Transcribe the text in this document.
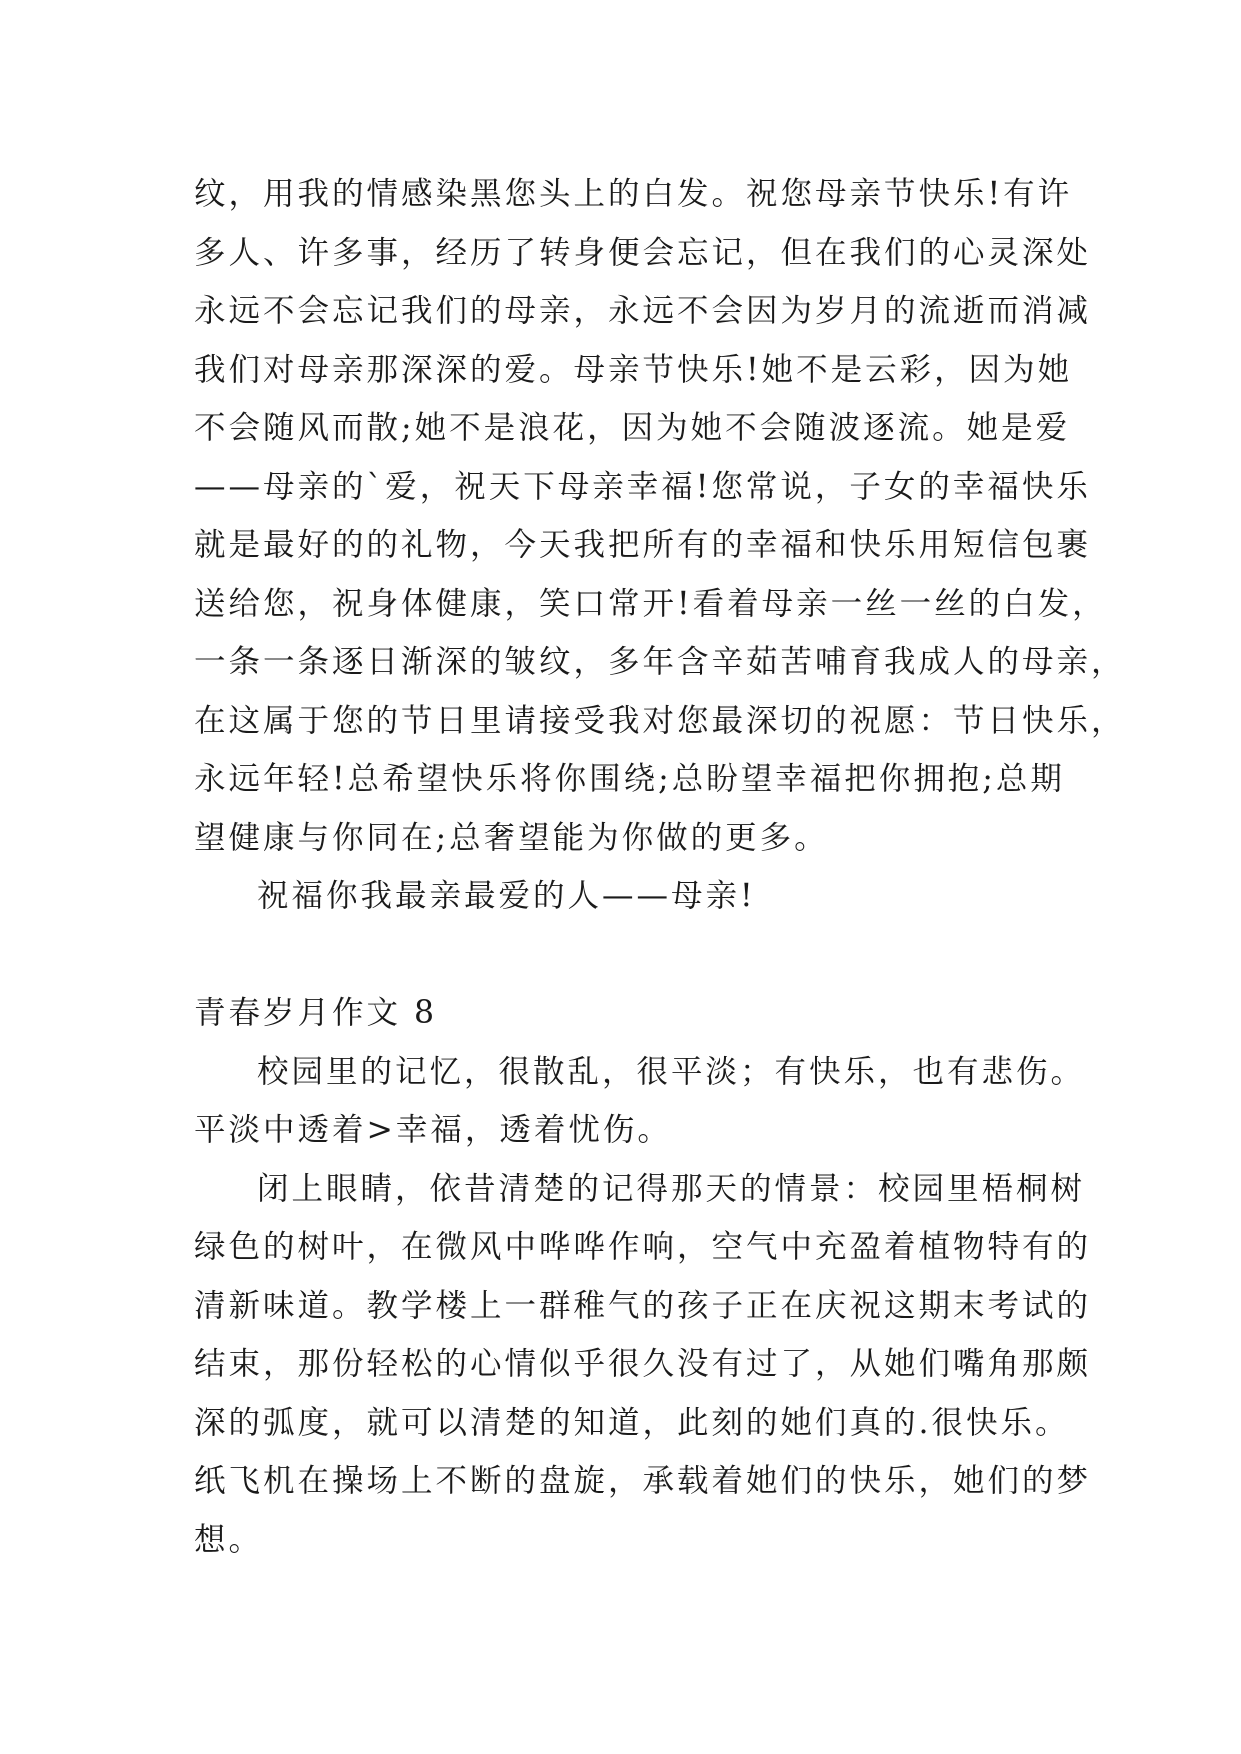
纹，用我的情感染黑您头上的白发。祝您母亲节快乐!有许
多人、许多事，经历了转身便会忘记，但在我们的心灵深处
永远不会忘记我们的母亲，永远不会因为岁月的流逝而消减
我们对母亲那深深的爱。母亲节快乐!她不是云彩，因为她
不会随风而散;她不是浪花，因为她不会随波逐流。她是爱
——母亲的`爱，祝天下母亲幸福!您常说，子女的幸福快乐
就是最好的的礼物，今天我把所有的幸福和快乐用短信包裹
送给您，祝身体健康，笑口常开!看着母亲一丝一丝的白发，
一条一条逐日渐深的皱纹，多年含辛茹苦哺育我成人的母亲，
在这属于您的节日里请接受我对您最深切的祝愿：节日快乐，
永远年轻!总希望快乐将你围绕;总盼望幸福把你拥抱;总期
望健康与你同在;总奢望能为你做的更多。
祝福你我最亲最爱的人——母亲!
青春岁月作文 8
校园里的记忆，很散乱，很平淡；有快乐，也有悲伤。
平淡中透着>幸福，透着忧伤。
闭上眼睛，依昔清楚的记得那天的情景：校园里梧桐树
绿色的树叶，在微风中哗哗作响，空气中充盈着植物特有的
清新味道。教学楼上一群稚气的孩子正在庆祝这期末考试的
结束，那份轻松的心情似乎很久没有过了，从她们嘴角那颇
深的弧度，就可以清楚的知道，此刻的她们真的.很快乐。
纸飞机在操场上不断的盘旋，承载着她们的快乐，她们的梦
想。
